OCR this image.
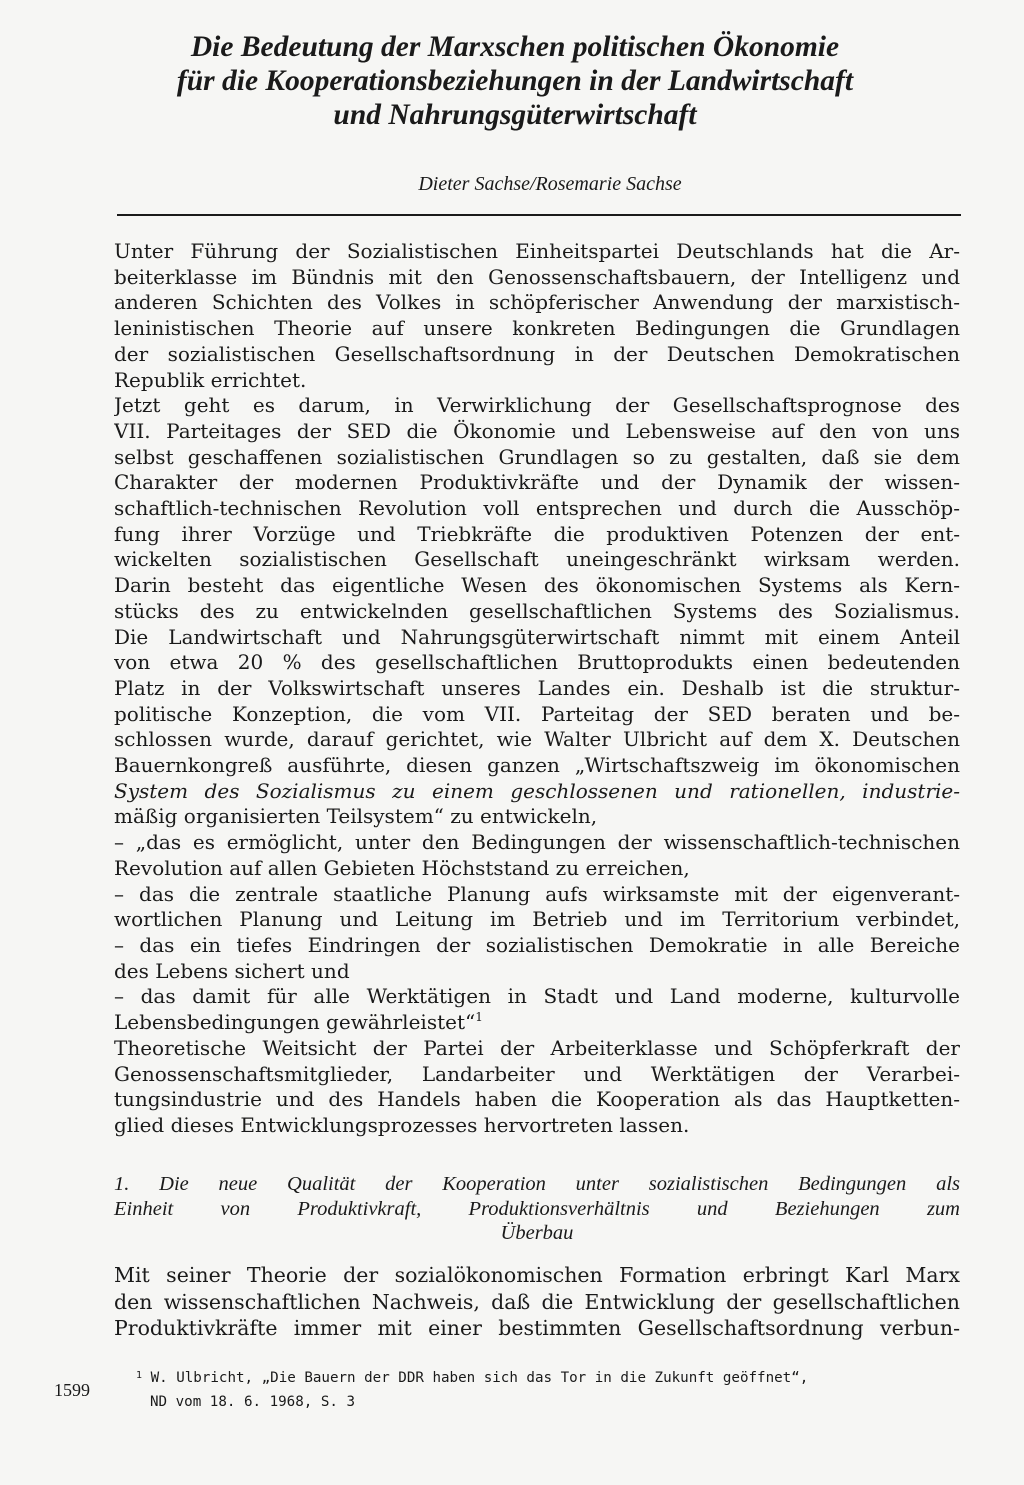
Die Bedeutung der Marxschen politischen Ökonomie
für die Kooperationsbeziehungen in der Landwirtschaft
und Nahrungsgüterwirtschaft
Dieter Sachse/Rosemarie Sachse
Unter Führung der Sozialistischen Einheitspartei Deutschlands hat die Ar-
beiterklasse im Bündnis mit den Genossenschaftsbauern, der Intelligenz und
anderen Schichten des Volkes in schöpferischer Anwendung der marxistisch-
leninistischen Theorie auf unsere konkreten Bedingungen die Grundlagen
der sozialistischen Gesellschaftsordnung in der Deutschen Demokratischen
Republik errichtet.
Jetzt geht es darum, in Verwirklichung der Gesellschaftsprognose des
VII. Parteitages der SED die Ökonomie und Lebensweise auf den von uns
selbst geschaffenen sozialistischen Grundlagen so zu gestalten, daß sie dem
Charakter der modernen Produktivkräfte und der Dynamik der wissen-
schaftlich-technischen Revolution voll entsprechen und durch die Ausschöp-
fung ihrer Vorzüge und Triebkräfte die produktiven Potenzen der ent-
wickelten sozialistischen Gesellschaft uneingeschränkt wirksam werden.
Darin besteht das eigentliche Wesen des ökonomischen Systems als Kern-
stücks des zu entwickelnden gesellschaftlichen Systems des Sozialismus.
Die Landwirtschaft und Nahrungsgüterwirtschaft nimmt mit einem Anteil
von etwa 20 % des gesellschaftlichen Bruttoprodukts einen bedeutenden
Platz in der Volkswirtschaft unseres Landes ein. Deshalb ist die struktur-
politische Konzeption, die vom VII. Parteitag der SED beraten und be-
schlossen wurde, darauf gerichtet, wie Walter Ulbricht auf dem X. Deutschen
Bauernkongreß ausführte, diesen ganzen „Wirtschaftszweig im ökonomischen
System des Sozialismus zu einem geschlossenen und rationellen, industrie-
mäßig organisierten Teilsystem“ zu entwickeln,
– „das es ermöglicht, unter den Bedingungen der wissenschaftlich-technischen
Revolution auf allen Gebieten Höchststand zu erreichen,
– das die zentrale staatliche Planung aufs wirksamste mit der eigenverant-
wortlichen Planung und Leitung im Betrieb und im Territorium verbindet,
– das ein tiefes Eindringen der sozialistischen Demokratie in alle Bereiche
des Lebens sichert und
– das damit für alle Werktätigen in Stadt und Land moderne, kulturvolle
Lebensbedingungen gewährleistet“$^1$
Theoretische Weitsicht der Partei der Arbeiterklasse und Schöpferkraft der
Genossenschaftsmitglieder, Landarbeiter und Werktätigen der Verarbei-
tungsindustrie und des Handels haben die Kooperation als das Hauptketten-
glied dieses Entwicklungsprozesses hervortreten lassen.
1. Die neue Qualität der Kooperation unter sozialistischen Bedingungen als
Einheit von Produktivkraft, Produktionsverhältnis und Beziehungen zum
Überbau
Mit seiner Theorie der sozialökonomischen Formation erbringt Karl Marx
den wissenschaftlichen Nachweis, daß die Entwicklung der gesellschaftlichen
Produktivkräfte immer mit einer bestimmten Gesellschaftsordnung verbun-
$^1$ W. Ulbricht, „Die Bauern der DDR haben sich das Tor in die Zukunft geöffnet“,
ND vom 18. 6. 1968, S. 3
1599
